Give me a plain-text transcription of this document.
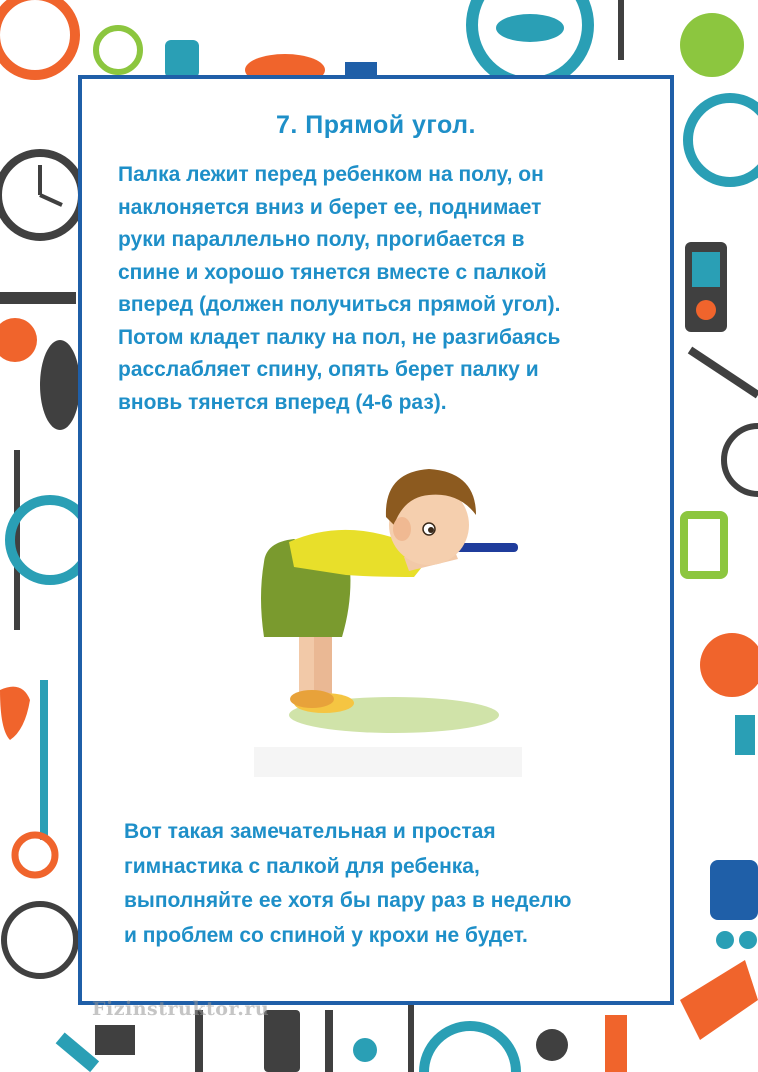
7. Прямой угол.
Палка лежит перед ребенком на полу, он
наклоняется вниз и берет ее, поднимает
руки параллельно полу, прогибается в
спине и хорошо тянется вместе с палкой
вперед (должен получиться прямой угол).
Потом кладет палку на пол, не разгибаясь
расслабляет спину, опять берет палку и
вновь тянется вперед (4-6 раз).
Вот такая замечательная и простая
гимнастика с палкой для ребенка,
выполняйте ее хотя бы пару раз в неделю
и проблем со спиной у крохи не будет.
Fizinstruktor.ru
